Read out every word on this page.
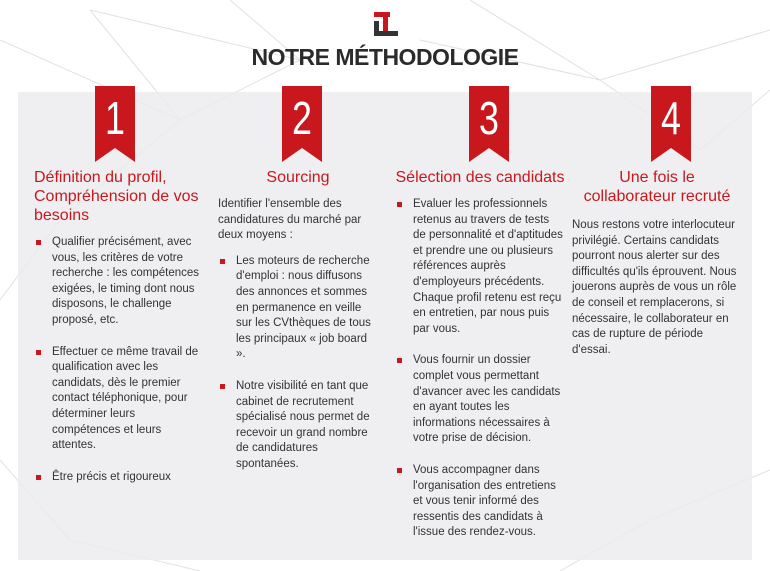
NOTRE MÉTHODOLOGIE
1	2	3	4

Définition du profil, Compréhension de vos besoins

Qualifier précisément, avec vous, les critères de votre recherche : les compétences exigées, le timing dont nous disposons, le challenge proposé, etc.
Effectuer ce même travail de qualification avec les candidats, dès le premier contact téléphonique, pour déterminer leurs compétences et leurs attentes.
Être précis et rigoureux

Sourcing

Identifier l'ensemble des candidatures du marché par deux moyens :
Les moteurs de recherche d'emploi : nous diffusons des annonces et sommes en permanence en veille sur les CVthèques de tous les principaux « job board ».
Notre visibilité en tant que cabinet de recrutement spécialisé nous permet de recevoir un grand nombre de candidatures spontanées.

Sélection des candidats

Evaluer les professionnels retenus au travers de tests de personnalité et d'aptitudes et prendre une ou plusieurs références auprès d'employeurs précédents. Chaque profil retenu est reçu en entretien, par nous puis par vous.
Vous fournir un dossier complet vous permettant d'avancer avec les candidats en ayant toutes les informations nécessaires à votre prise de décision.
Vous accompagner dans l'organisation des entretiens et vous tenir informé des ressentis des candidats à l'issue des rendez-vous.

Une fois le collaborateur recruté

Nous restons votre interlocuteur privilégié. Certains candidats pourront nous alerter sur des difficultés qu'ils éprouvent. Nous jouerons auprès de vous un rôle de conseil et remplacerons, si nécessaire, le collaborateur en cas de rupture de période d'essai.
